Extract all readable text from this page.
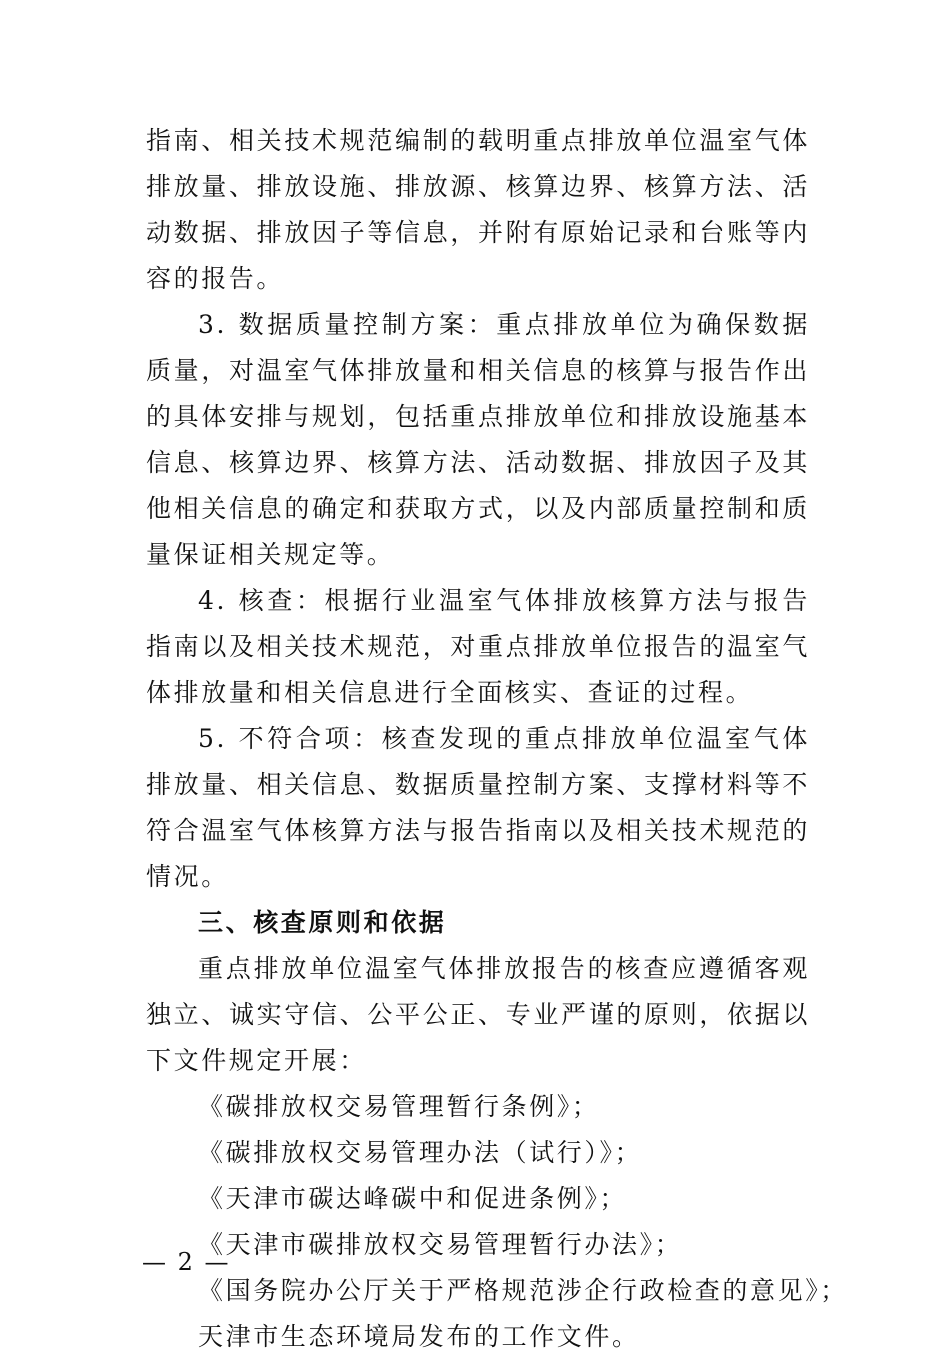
指南、相关技术规范编制的载明重点排放单位温室气体排放量、排放设施、排放源、核算边界、核算方法、活动数据、排放因子等信息，并附有原始记录和台账等内容的报告。

3. 数据质量控制方案：重点排放单位为确保数据质量，对温室气体排放量和相关信息的核算与报告作出的具体安排与规划，包括重点排放单位和排放设施基本信息、核算边界、核算方法、活动数据、排放因子及其他相关信息的确定和获取方式，以及内部质量控制和质量保证相关规定等。

4. 核查：根据行业温室气体排放核算方法与报告指南以及相关技术规范，对重点排放单位报告的温室气体排放量和相关信息进行全面核实、查证的过程。

5. 不符合项：核查发现的重点排放单位温室气体排放量、相关信息、数据质量控制方案、支撑材料等不符合温室气体核算方法与报告指南以及相关技术规范的情况。

三、核查原则和依据

重点排放单位温室气体排放报告的核查应遵循客观独立、诚实守信、公平公正、专业严谨的原则，依据以下文件规定开展：

《碳排放权交易管理暂行条例》；
《碳排放权交易管理办法（试行）》；
《天津市碳达峰碳中和促进条例》；
《天津市碳排放权交易管理暂行办法》；
《国务院办公厅关于严格规范涉企行政检查的意见》；
天津市生态环境局发布的工作文件。
— 2 —
